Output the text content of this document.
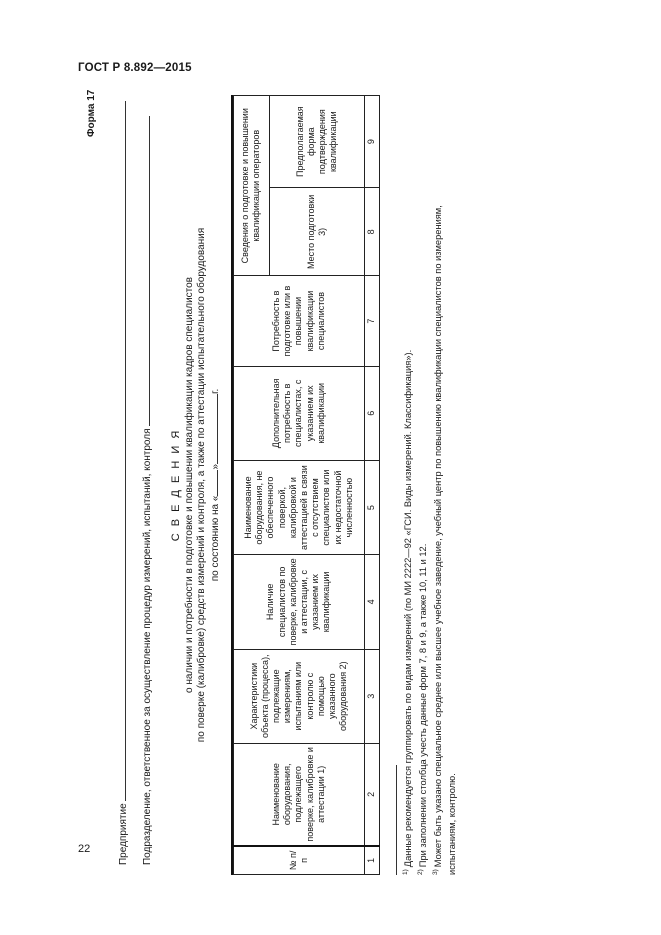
ГОСТ Р 8.892—2015
Форма 17
Предприятие Подразделение, ответственное за осуществление процедур измерений, испытаний, контроля С В Е Д Е Н И Я о наличии и потребности в подготовке и повышении квалификации кадров специалистов по поверке (калибровке) средств измерений и контроля, а также по аттестации испытательного оборудования по состоянию на «»г.
№ п/п	Наименование оборудования, подлежащего поверке, калибровке и аттестации 1)	Характеристики объекта (процесса), подлежащие измерениям, испытаниям или контролю с помощью указанного оборудования 2)	Наличие специалистов по поверке, калибровке и аттестации, с указанием их квалификации	Наименование оборудования, не обеспеченного поверкой, калибровкой и аттестацией в связи с отсутствием специалистов или их недостаточной численностью	Дополнительная потребность в специалистах, с указанием их квалификации	Потребность в подготовке или в повышении квалификации специалистов	Сведения о подготовке и повышении квалификации операторов	
							Место подготовки 3)	Предполагаемая форма подтверждения квалификации
1	2	3	4	5	6	7	8	9
$^{1)}$Данные рекомендуется группировать по видам измерений (по МИ 2222—92 «ГСИ. Виды измерений. Классификация»).
$^{2)}$При заполнении столбца учесть данные форм 7, 8 и 9, а также 10, 11 и 12.
$^{3)}$Может быть указано специальное среднее или высшее учебное заведение, учебный центр по повышению квалификации специалистов по измерениям, испытаниям, контролю.
22
